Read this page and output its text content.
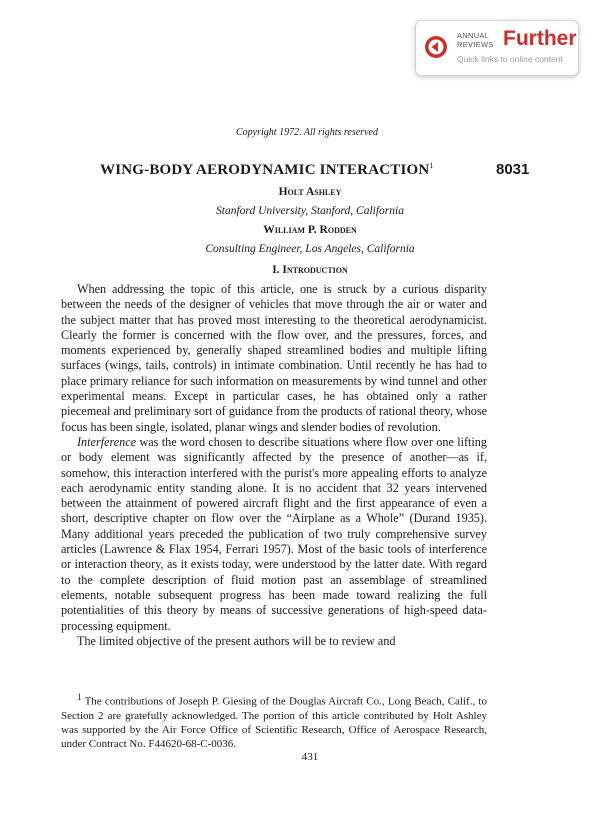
ANNUAL
REVIEWS Further
Quick links to online content
Copyright 1972. All rights reserved
WING-BODY AERODYNAMIC INTERACTION$^1$	8031
Holt Ashley
Stanford University, Stanford, California
William P. Rodden
Consulting Engineer, Los Angeles, California
I. Introduction

When addressing the topic of this article, one is struck by a curious disparity between the needs of the designer of vehicles that move through the air or water and the subject matter that has proved most interesting to the theoretical aerodynamicist. Clearly the former is concerned with the flow over, and the pressures, forces, and moments experienced by, generally shaped streamlined bodies and multiple lifting surfaces (wings, tails, controls) in intimate combination. Until recently he has had to place primary reliance for such information on measurements by wind tunnel and other experimental means. Except in particular cases, he has obtained only a rather piecemeal and preliminary sort of guidance from the products of rational theory, whose focus has been single, isolated, planar wings and slender bodies of revolution.

Interference was the word chosen to describe situations where flow over one lifting or body element was significantly affected by the presence of another—as if, somehow, this interaction interfered with the purist's more appealing efforts to analyze each aerodynamic entity standing alone. It is no accident that 32 years intervened between the attainment of powered aircraft flight and the first appearance of even a short, descriptive chapter on flow over the “Airplane as a Whole” (Durand 1935). Many additional years preceded the publication of two truly comprehensive survey articles (Lawrence & Flax 1954, Ferrari 1957). Most of the basic tools of interference or interaction theory, as it exists today, were understood by the latter date. With regard to the complete description of fluid motion past an assemblage of streamlined elements, notable subsequent progress has been made toward realizing the full potentialities of this theory by means of successive generations of high-speed data-processing equipment.

The limited objective of the present authors will be to review and

$^1$ The contributions of Joseph P. Giesing of the Douglas Aircraft Co., Long Beach, Calif., to Section 2 are gratefully acknowledged. The portion of this article contributed by Holt Ashley was supported by the Air Force Office of Scientific Research, Office of Aerospace Research, under Contract No. F44620-68-C-0036.

431
